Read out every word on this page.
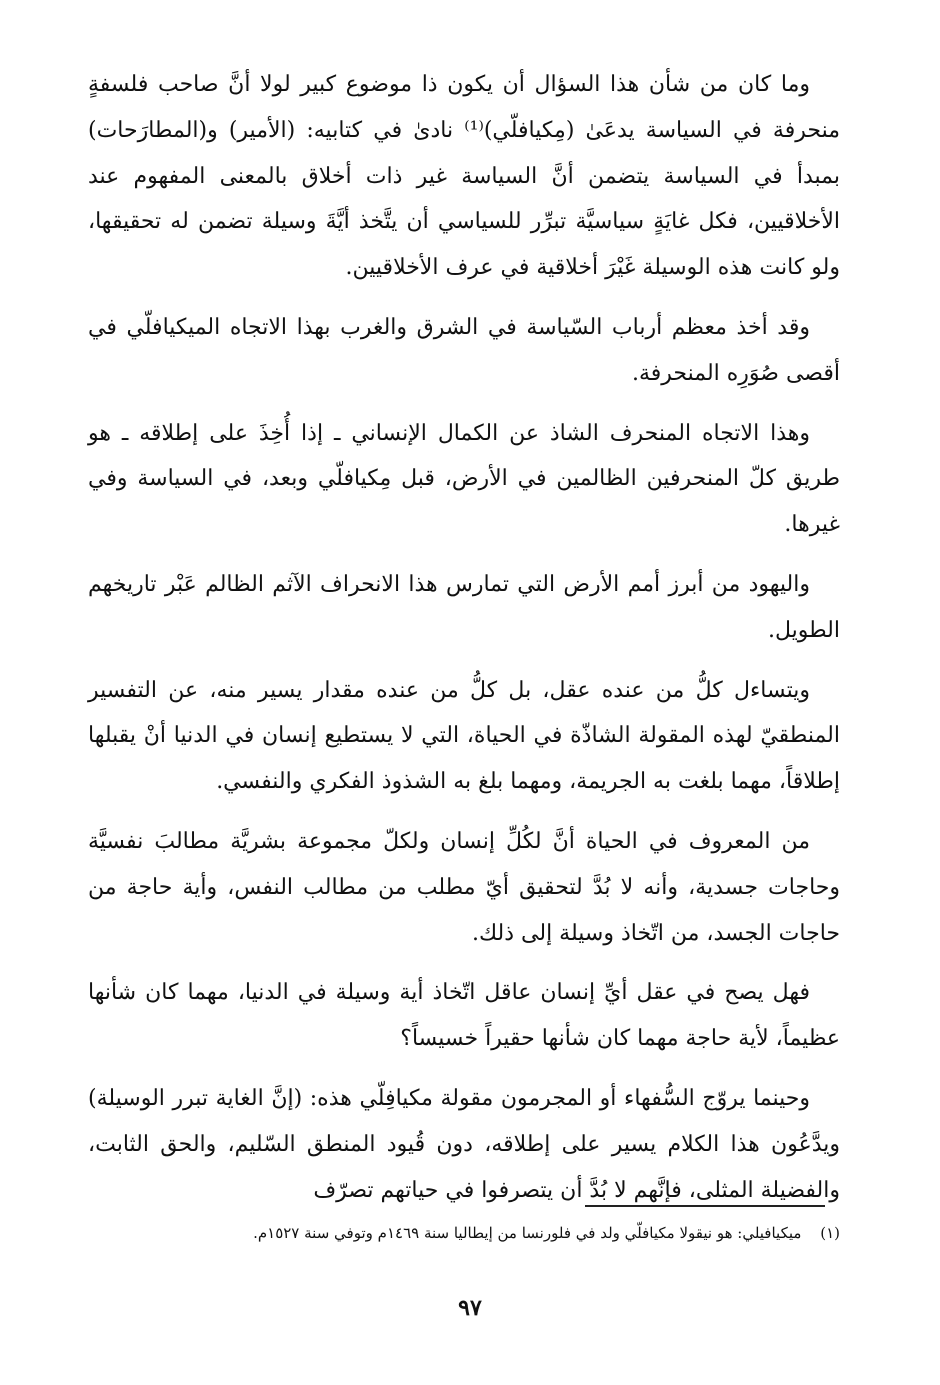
وما كان من شأن هذا السؤال أن يكون ذا موضوع كبير لولا أنَّ صاحب فلسفةٍ منحرفة في السياسة يدعَىٰ (مِكيافلّي)⁽¹⁾ نادىٰ في كتابيه: (الأمير) و(المطارَحات) بمبدأ في السياسة يتضمن أنَّ السياسة غير ذات أخلاق بالمعنى المفهوم عند الأخلاقيين، فكل غايَةٍ سياسيَّة تبرِّر للسياسي أن يتَّخذ أيَّةَ وسيلة تضمن له تحقيقها، ولو كانت هذه الوسيلة غَيْرَ أخلاقية في عرف الأخلاقيين.

وقد أخذ معظم أرباب السّياسة في الشرق والغرب بهذا الاتجاه الميكيافلّي في أقصى صُوَرِه المنحرفة.

وهذا الاتجاه المنحرف الشاذ عن الكمال الإنساني ـ إذا أُخِذَ على إطلاقه ـ هو طريق كلّ المنحرفين الظالمين في الأرض، قبل مِكيافلّي وبعد، في السياسة وفي غيرها.

واليهود من أبرز أمم الأرض التي تمارس هذا الانحراف الآثم الظالم عَبْر تاريخهم الطويل.

ويتساءل كلُّ من عنده عقل، بل كلُّ من عنده مقدار يسير منه، عن التفسير المنطقيّ لهذه المقولة الشاذّة في الحياة، التي لا يستطيع إنسان في الدنيا أنْ يقبلها إطلاقاً، مهما بلغت به الجريمة، ومهما بلغ به الشذوذ الفكري والنفسي.

من المعروف في الحياة أنَّ لكُلِّ إنسان ولكلّ مجموعة بشريَّة مطالبَ نفسيَّة وحاجات جسدية، وأنه لا بُدَّ لتحقيق أيّ مطلب من مطالب النفس، وأية حاجة من حاجات الجسد، من اتّخاذ وسيلة إلى ذلك.

فهل يصح في عقل أيِّ إنسان عاقل اتّخاذ أية وسيلة في الدنيا، مهما كان شأنها عظيماً، لأية حاجة مهما كان شأنها حقيراً خسيساً؟

وحينما يروّج السُّفهاء أو المجرمون مقولة مكيافِلّي هذه: (إنَّ الغاية تبرر الوسيلة) ويدَّعُون هذا الكلام يسير على إطلاقه، دون قُيود المنطق السّليم، والحق الثابت، والفضيلة المثلى، فإنَّهم لا بُدَّ أن يتصرفوا في حياتهم تصرّف

(١) ميكيافيلي: هو نيقولا مكيافلّي ولد في فلورنسا من إيطاليا سنة ١٤٦٩م وتوفي سنة ١٥٢٧م.
٩٧
